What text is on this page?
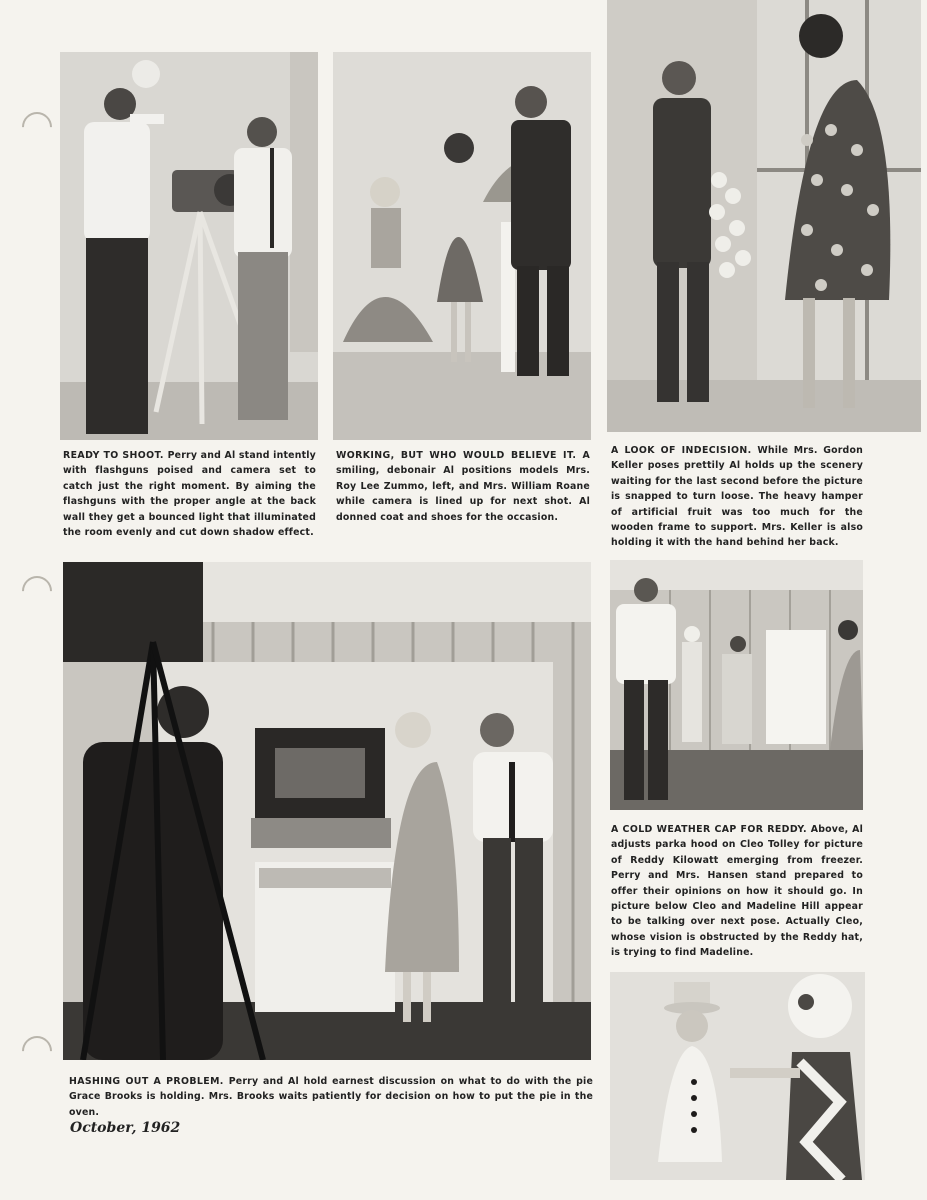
READY TO SHOOT. Perry and Al stand intently with flashguns poised and camera set to catch just the right moment. By aiming the flashguns with the proper angle at the back wall they get a bounced light that illuminated the room evenly and cut down shadow effect.
WORKING, BUT WHO WOULD BELIEVE IT. A smiling, debonair Al positions models Mrs. Roy Lee Zummo, left, and Mrs. William Roane while camera is lined up for next shot. Al donned coat and shoes for the occasion.
A LOOK OF INDECISION. While Mrs. Gordon Keller poses prettily Al holds up the scenery waiting for the last second before the picture is snapped to turn loose. The heavy hamper of artificial fruit was too much for the wooden frame to support. Mrs. Keller is also holding it with the hand behind her back.
A COLD WEATHER CAP FOR REDDY. Above, Al adjusts parka hood on Cleo Tolley for picture of Reddy Kilowatt emerging from freezer. Perry and Mrs. Hansen stand prepared to offer their opinions on how it should go. In picture below Cleo and Madeline Hill appear to be talking over next pose. Actually Cleo, whose vision is obstructed by the Reddy hat, is trying to find Madeline.
HASHING OUT A PROBLEM. Perry and Al hold earnest discussion on what to do with the pie Grace Brooks is holding. Mrs. Brooks waits patiently for decision on how to put the pie in the oven.
October, 1962
